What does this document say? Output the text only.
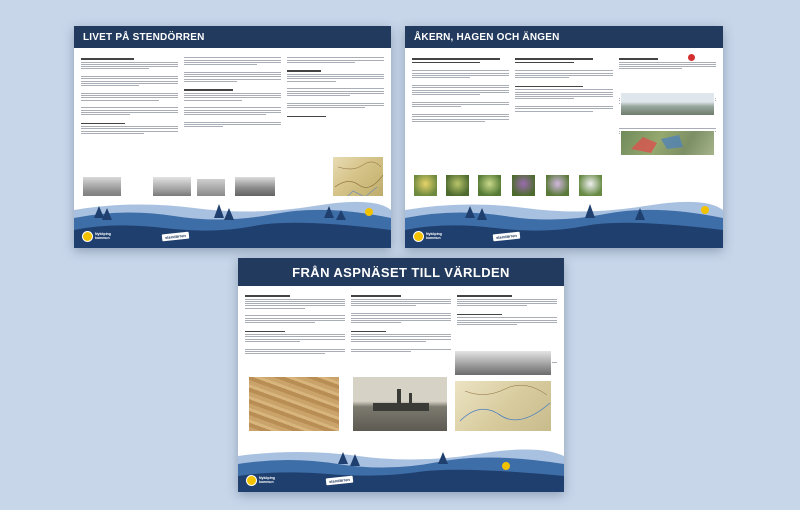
LIVET PÅ STENDÖRREN
Nyköping
kommun	stendörren
ÅKERN, HAGEN OCH ÄNGEN
Nyköping
kommun	stendörren
FRÅN ASPNÄSET TILL VÄRLDEN
Nyköping
kommun	stendörren
